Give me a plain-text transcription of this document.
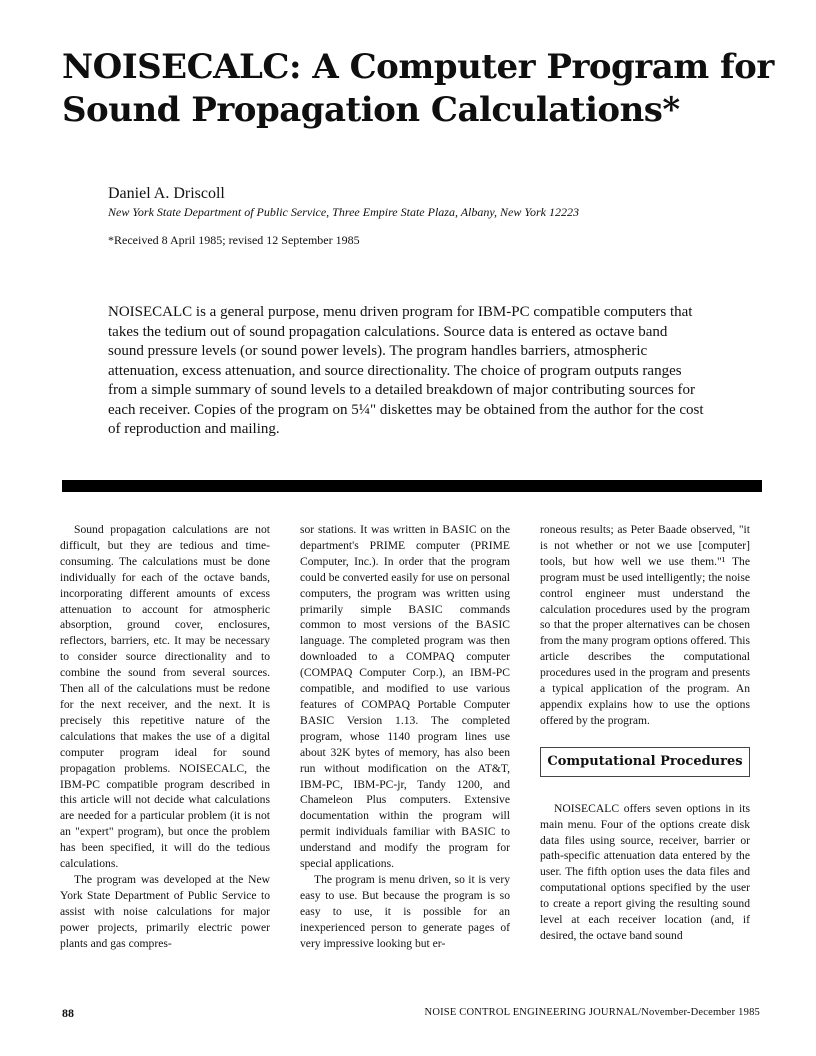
NOISECALC: A Computer Program for Sound Propagation Calculations*
Daniel A. Driscoll
New York State Department of Public Service, Three Empire State Plaza, Albany, New York 12223
*Received 8 April 1985; revised 12 September 1985

NOISECALC is a general purpose, menu driven program for IBM-PC compatible computers that takes the tedium out of sound propagation calculations. Source data is entered as octave band sound pressure levels (or sound power levels). The program handles barriers, atmospheric attenuation, excess attenuation, and source directionality. The choice of program outputs ranges from a simple summary of sound levels to a detailed breakdown of major contributing sources for each receiver. Copies of the program on 5¼" diskettes may be obtained from the author for the cost of reproduction and mailing.

Sound propagation calculations are not difficult, but they are tedious and time-consuming. The calculations must be done individually for each of the octave bands, incorporating different amounts of excess attenuation to account for atmospheric absorption, ground cover, enclosures, reflectors, barriers, etc. It may be necessary to consider source directionality and to combine the sound from several sources. Then all of the calculations must be redone for the next receiver, and the next. It is precisely this repetitive nature of the calculations that makes the use of a digital computer program ideal for sound propagation problems. NOISECALC, the IBM-PC compatible program described in this article will not decide what calculations are needed for a particular problem (it is not an "expert" program), but once the problem has been specified, it will do the tedious calculations.

The program was developed at the New York State Department of Public Service to assist with noise calculations for major power projects, primarily electric power plants and gas compres-

sor stations. It was written in BASIC on the department's PRIME computer (PRIME Computer, Inc.). In order that the program could be converted easily for use on personal computers, the program was written using primarily simple BASIC commands common to most versions of the BASIC language. The completed program was then downloaded to a COMPAQ computer (COMPAQ Computer Corp.), an IBM-PC compatible, and modified to use various features of COMPAQ Portable Computer BASIC Version 1.13. The completed program, whose 1140 program lines use about 32K bytes of memory, has also been run without modification on the AT&T, IBM-PC, IBM-PC-jr, Tandy 1200, and Chameleon Plus computers. Extensive documentation within the program will permit individuals familiar with BASIC to understand and modify the program for special applications.

The program is menu driven, so it is very easy to use. But because the program is so easy to use, it is possible for an inexperienced person to generate pages of very impressive looking but er-

roneous results; as Peter Baade observed, "it is not whether or not we use [computer] tools, but how well we use them."¹ The program must be used intelligently; the noise control engineer must understand the calculation procedures used by the program so that the proper alternatives can be chosen from the many program options offered. This article describes the computational procedures used in the program and presents a typical application of the program. An appendix explains how to use the options offered by the program.

Computational Procedures

NOISECALC offers seven options in its main menu. Four of the options create disk data files using source, receiver, barrier or path-specific attenuation data entered by the user. The fifth option uses the data files and computational options specified by the user to create a report giving the resulting sound level at each receiver location (and, if desired, the octave band sound

88	NOISE CONTROL ENGINEERING JOURNAL/November-December 1985
